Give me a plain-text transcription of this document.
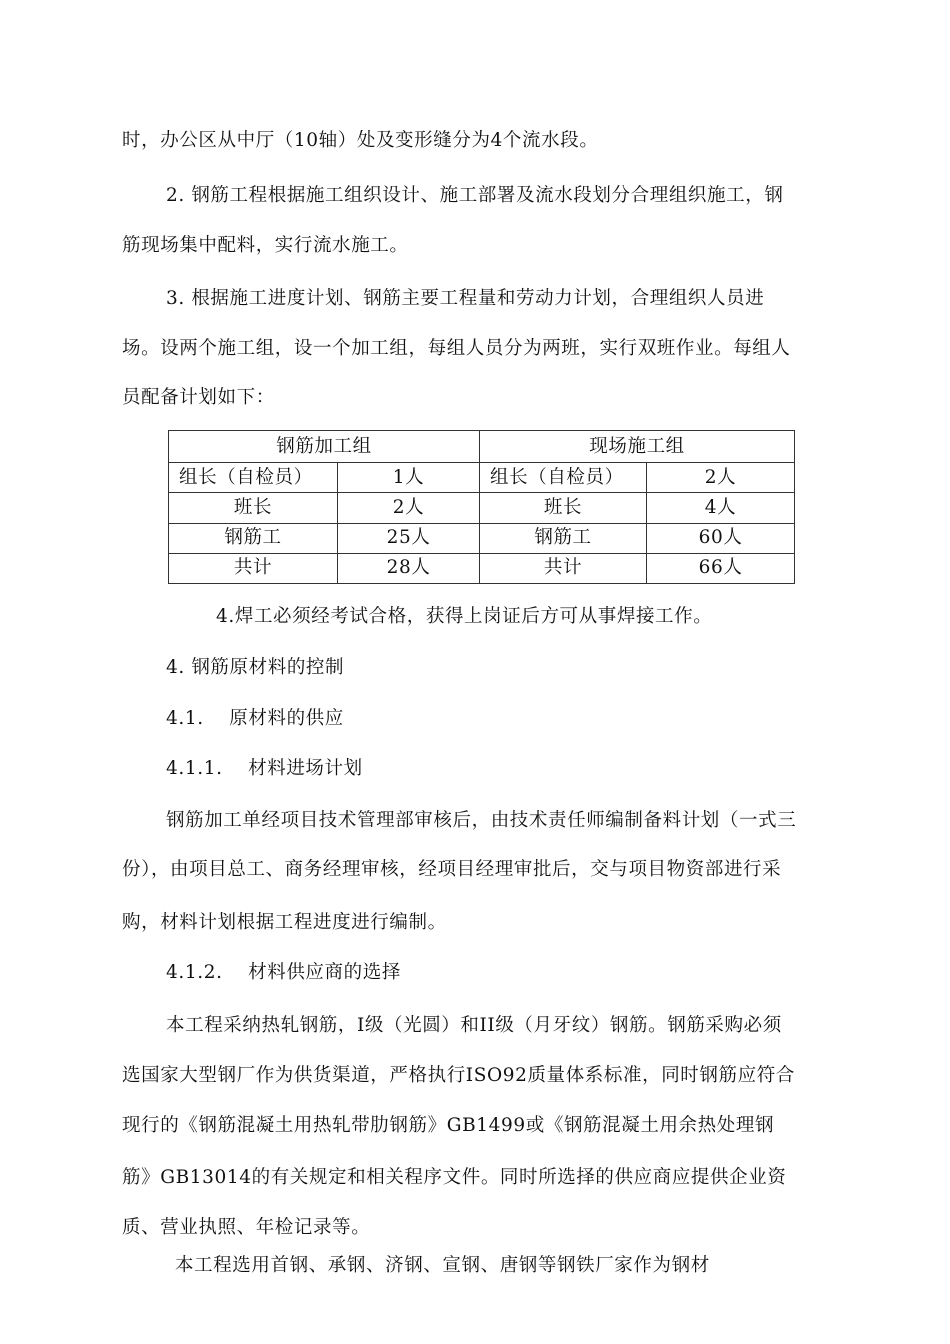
时，办公区从中厅（10轴）处及变形缝分为4个流水段。
2. 钢筋工程根据施工组织设计、施工部署及流水段划分合理组织施工，钢
筋现场集中配料，实行流水施工。
3. 根据施工进度计划、钢筋主要工程量和劳动力计划，合理组织人员进
场。设两个施工组，设一个加工组，每组人员分为两班，实行双班作业。每组人
员配备计划如下：
钢筋加工组		现场施工组	
组长（自检员）	1人	组长（自检员）	2人
班长	2人	班长	4人
钢筋工	25人	钢筋工	60人
共计	28人	共计	66人
4.焊工必须经考试合格，获得上岗证后方可从事焊接工作。
4. 钢筋原材料的控制
4.1.　 原材料的供应
4.1.1.　 材料进场计划
钢筋加工单经项目技术管理部审核后，由技术责任师编制备料计划（一式三
份），由项目总工、商务经理审核，经项目经理审批后，交与项目物资部进行采
购，材料计划根据工程进度进行编制。
4.1.2.　 材料供应商的选择
本工程采纳热轧钢筋，I级（光圆）和II级（月牙纹）钢筋。钢筋采购必须
选国家大型钢厂作为供货渠道，严格执行ISO92质量体系标准，同时钢筋应符合
现行的《钢筋混凝土用热轧带肋钢筋》GB1499或《钢筋混凝土用余热处理钢
筋》GB13014的有关规定和相关程序文件。同时所选择的供应商应提供企业资
质、营业执照、年检记录等。
本工程选用首钢、承钢、济钢、宣钢、唐钢等钢铁厂家作为钢材
